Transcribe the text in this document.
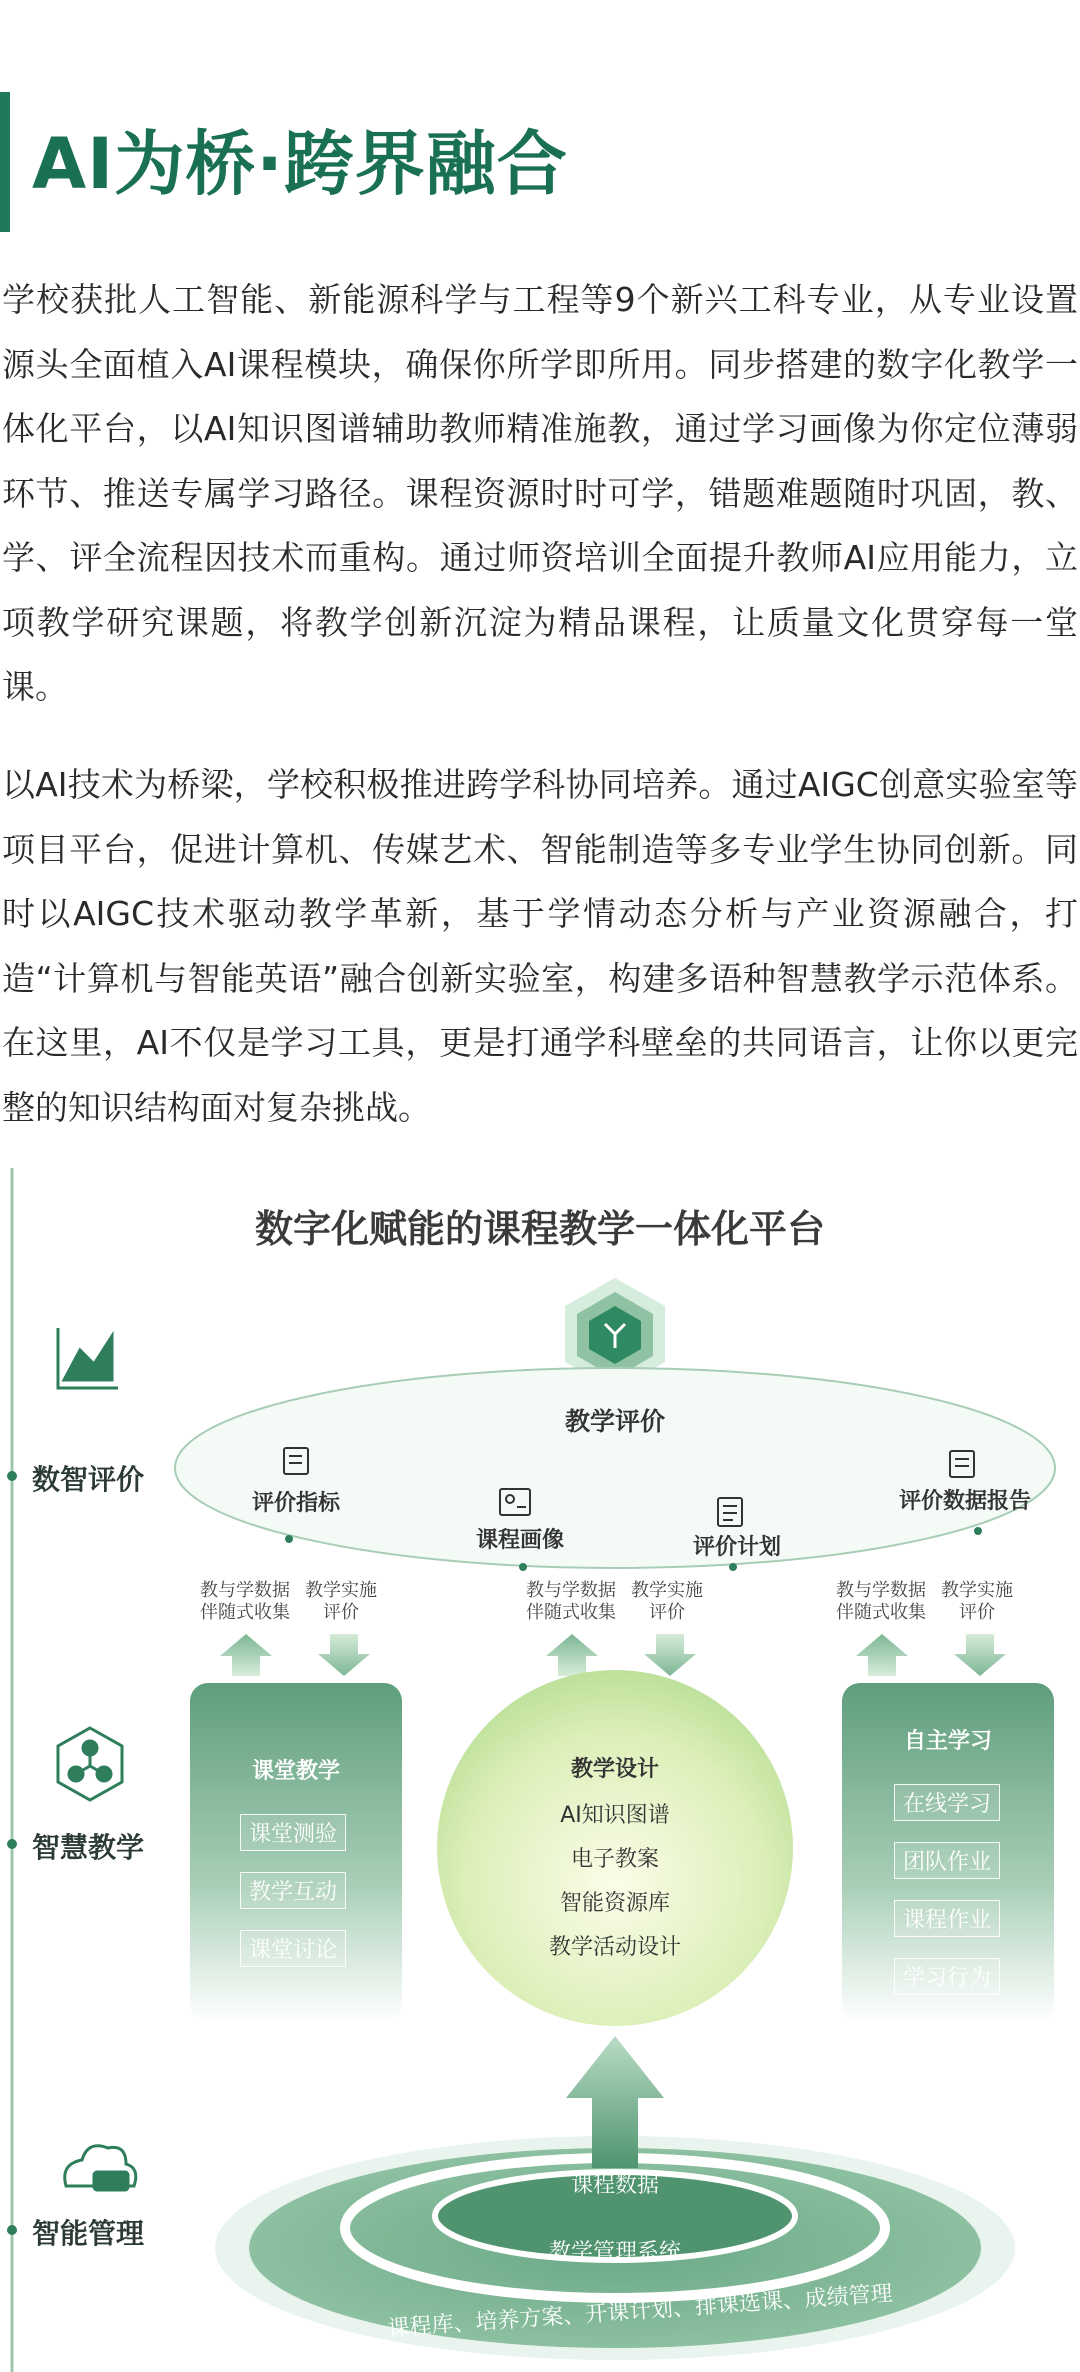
AI为桥·跨界融合
学校获批人工智能、新能源科学与工程等9个新兴工科专业，从专业设置源头全面植入AI课程模块，确保你所学即所用。同步搭建的数字化教学一体化平台，以AI知识图谱辅助教师精准施教，通过学习画像为你定位薄弱环节、推送专属学习路径。课程资源时时可学，错题难题随时巩固，教、学、评全流程因技术而重构。通过师资培训全面提升教师AI应用能力，立项教学研究课题，将教学创新沉淀为精品课程，让质量文化贯穿每一堂课。
以AI技术为桥梁，学校积极推进跨学科协同培养。通过AIGC创意实验室等项目平台，促进计算机、传媒艺术、智能制造等多专业学生协同创新。同时以AIGC技术驱动教学革新，基于学情动态分析与产业资源融合，打造“计算机与智能英语”融合创新实验室，构建多语种智慧教学示范体系。在这里，AI不仅是学习工具，更是打通学科壁垒的共同语言，让你以更完整的知识结构面对复杂挑战。
数字化赋能的课程教学一体化平台
数智评价
智慧教学
智能管理
教学评价
评价指标
课程画像	评价计划
评价数据报告
教与学数据
伴随式收集
教学实施
评价
教与学数据
伴随式收集
教学实施
评价
教与学数据
伴随式收集
教学实施
评价
课堂教学
课堂测验
教学互动
课堂讨论
教学设计
AI知识图谱
电子教案
智能资源库
教学活动设计
自主学习
在线学习
团队作业
课程作业
学习行为
课程数据
教学管理系统
课程库、培养方案、开课计划、排课选课、成绩管理
